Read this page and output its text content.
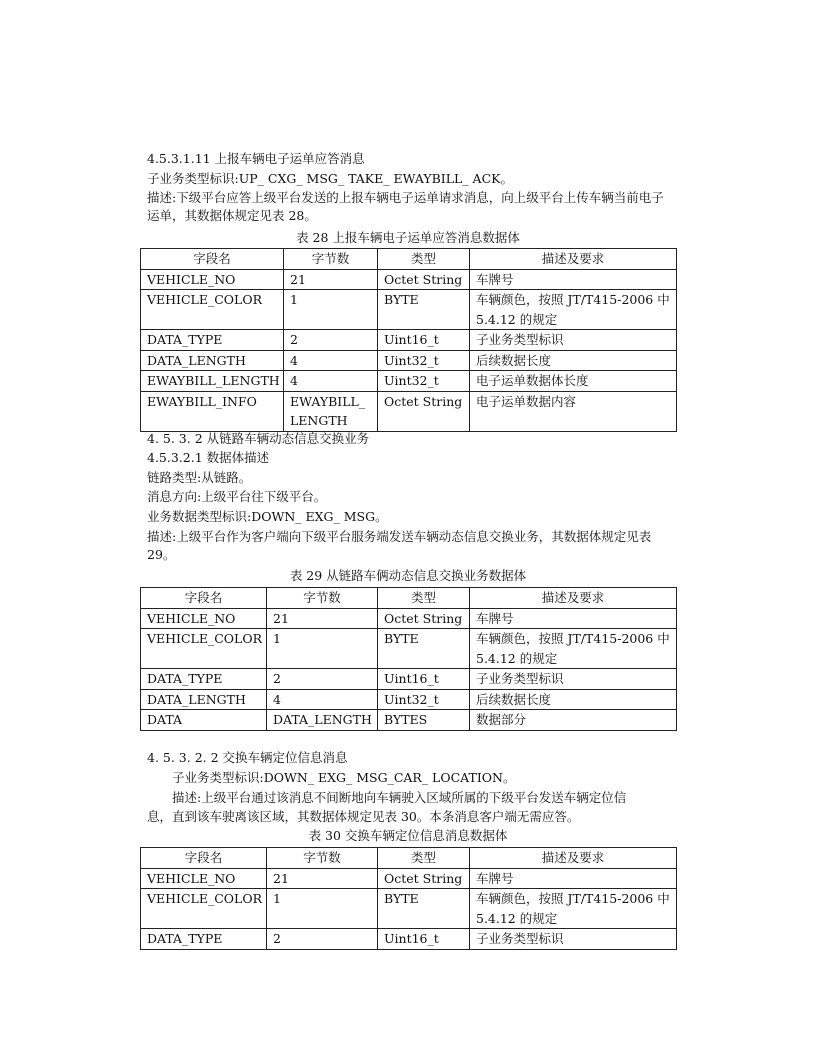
4.5.3.1.11 上报车辆电子运单应答消息
子业务类型标识:UP_ CXG_ MSG_ TAKE_ EWAYBILL_ ACK。
描述:下级平台应答上级平台发送的上报车辆电子运单请求消息，向上级平台上传车辆当前电子运单，其数据体规定见表 28。
表 28 上报车辆电子运单应答消息数据体
字段名	字节数	类型	描述及要求
VEHICLE_NO	21	Octet String	车牌号
VEHICLE_COLOR	1	BYTE	车辆颜色，按照 JT/T415-2006 中 5.4.12 的规定
DATA_TYPE	2	Uint16_t	子业务类型标识
DATA_LENGTH	4	Uint32_t	后续数据长度
EWAYBILL_LENGTH	4	Uint32_t	电子运单数据体长度
EWAYBILL_INFO	EWAYBILL_ LENGTH	Octet String	电子运单数据内容
4. 5. 3. 2 从链路车辆动态信息交换业务
4.5.3.2.1 数据体描述
链路类型:从链路。
消息方向:上级平台往下级平台。
业务数据类型标识:DOWN_ EXG_ MSG。
描述:上级平台作为客户端向下级平台服务端发送车辆动态信息交换业务，其数据体规定见表 29。
表 29 从链路车俩动态信息交换业务数据体
字段名	字节数	类型	描述及要求
VEHICLE_NO	21	Octet String	车牌号
VEHICLE_COLOR	1	BYTE	车辆颜色，按照 JT/T415-2006 中 5.4.12 的规定
DATA_TYPE	2	Uint16_t	子业务类型标识
DATA_LENGTH	4	Uint32_t	后续数据长度
DATA	DATA_LENGTH	BYTES	数据部分
4. 5. 3. 2. 2 交换车辆定位信息消息
子业务类型标识:DOWN_ EXG_ MSG_CAR_ LOCATION。
描述:上级平台通过该消息不间断地向车辆驶入区域所属的下级平台发送车辆定位信
息，直到该车驶离该区域，其数据体规定见表 30。本条消息客户端无需应答。
表 30 交换车辆定位信息消息数据体
字段名	字节数	类型	描述及要求
VEHICLE_NO	21	Octet String	车牌号
VEHICLE_COLOR	1	BYTE	车辆颜色，按照 JT/T415-2006 中 5.4.12 的规定
DATA_TYPE	2	Uint16_t	子业务类型标识
